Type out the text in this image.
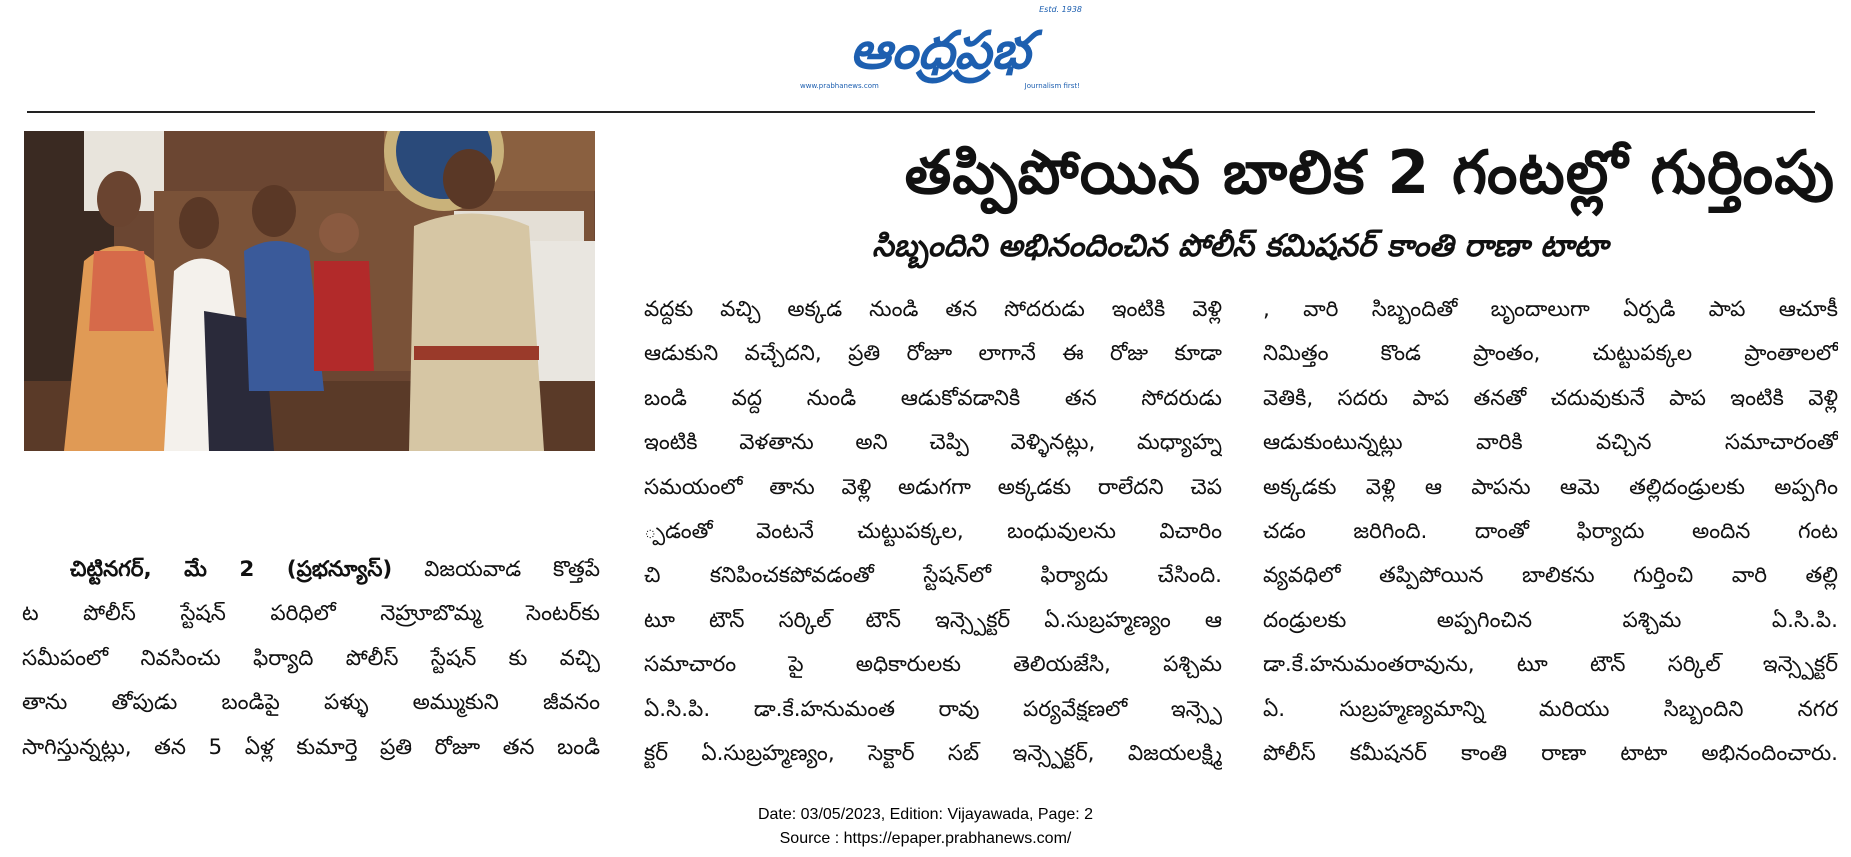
Estd. 1938
ఆంధ్రప్రభ
www.prabhanews.com	Journalism first!
తప్పిపోయిన బాలిక 2 గంటల్లో గుర్తింపు
సిబ్బందిని అభినందించిన పోలీస్ కమిషనర్ కాంతి రాణా టాటా
చిట్టినగర్, మే 2 (ప్రభన్యూస్) విజయవాడ కొత్తపే
ట పోలీస్ స్టేషన్ పరిధిలో నెహ్రూబొమ్మ సెంటర్‌కు
సమీపంలో నివసించు ఫిర్యాది పోలీస్ స్టేషన్ కు వచ్చి
తాను తోపుడు బండిపై పళ్ళు అమ్ముకుని జీవనం
సాగిస్తున్నట్లు, తన 5 ఏళ్ల కుమార్తె ప్రతి రోజూ తన బండి
వద్దకు వచ్చి అక్కడ నుండి తన సోదరుడు ఇంటికి వెళ్లి
ఆడుకుని వచ్చేదని, ప్రతి రోజూ లాగానే ఈ రోజు కూడా
బండి వద్ద నుండి ఆడుకోవడానికి తన సోదరుడు
ఇంటికి వెళతాను అని చెప్పి వెళ్ళినట్లు, మధ్యాహ్న
సమయంలో తాను వెళ్లి అడుగగా అక్కడకు రాలేదని చెప
్పడంతో వెంటనే చుట్టుపక్కల, బంధువులను విచారిం
చి కనిపించకపోవడంతో స్టేషన్‌లో ఫిర్యాదు చేసింది.
టూ టౌన్ సర్కిల్ టౌన్ ఇన్స్పెక్టర్ ఏ.సుబ్రహ్మణ్యం ఆ
సమాచారం పై అధికారులకు తెలియజేసి, పశ్చిమ
ఏ.సి.పి. డా.కే.హనుమంత రావు పర్యవేక్షణలో ఇన్స్పె
క్టర్ ఏ.సుబ్రహ్మణ్యం, సెక్టార్ సబ్ ఇన్స్పెక్టర్, విజయలక్ష్మి
, వారి సిబ్బందితో బృందాలుగా ఏర్పడి పాప ఆచూకీ
నిమిత్తం కొండ ప్రాంతం, చుట్టుపక్కల ప్రాంతాలలో
వెతికి, సదరు పాప తనతో చదువుకునే పాప ఇంటికి వెళ్లి
ఆడుకుంటున్నట్లు వారికి వచ్చిన సమాచారంతో
అక్కడకు వెళ్లి ఆ పాపను ఆమె తల్లిదండ్రులకు అప్పగిం
చడం జరిగింది. దాంతో ఫిర్యాదు అందిన గంట
వ్యవధిలో తప్పిపోయిన బాలికను గుర్తించి వారి తల్లి
దండ్రులకు అప్పగించిన పశ్చిమ ఏ.సి.పి.
డా.కే.హనుమంతరావును, టూ టౌన్ సర్కిల్ ఇన్స్పెక్టర్
ఏ. సుబ్రహ్మణ్యమాన్ని మరియు సిబ్బందిని నగర
పోలీస్ కమీషనర్ కాంతి రాణా టాటా అభినందించారు.
Date: 03/05/2023, Edition: Vijayawada, Page: 2
Source : https://epaper.prabhanews.com/
